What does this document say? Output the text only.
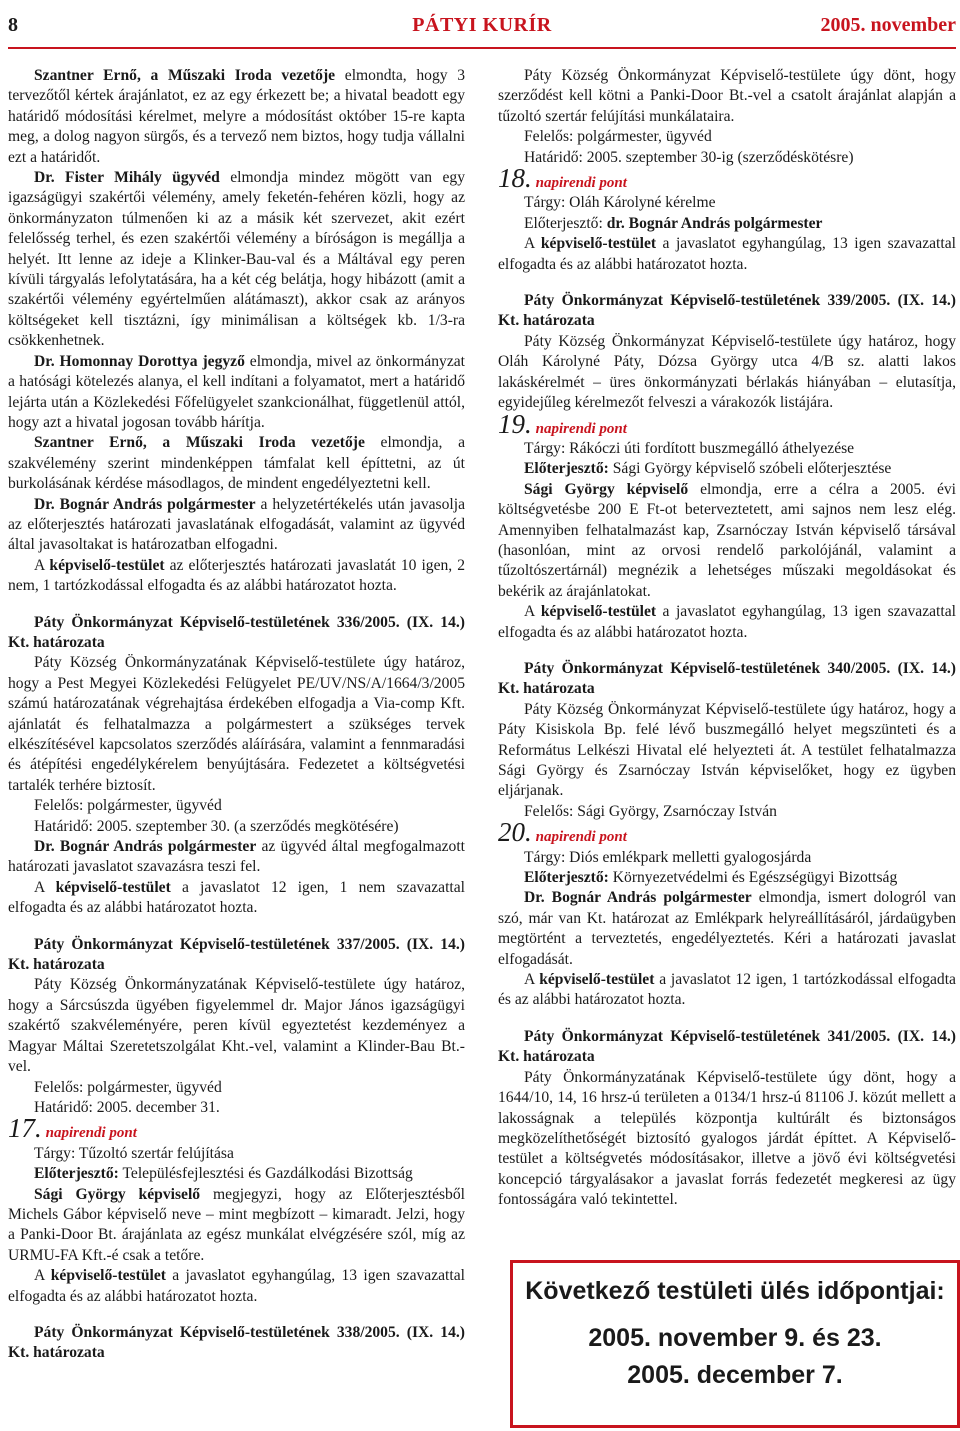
8	PÁTYI KURÍR	2005. november

Szantner Ernő, a Műszaki Iroda vezetője elmondta, hogy 3 tervezőtől kértek árajánlatot, ez az egy érkezett be; a hivatal beadott egy határidő módosítási kérelmet, melyre a módosítást október 15-re kapta meg, a dolog nagyon sürgős, és a tervező nem biztos, hogy tudja vállalni ezt a határidőt.

Dr. Fister Mihály ügyvéd elmondja mindez mögött van egy igazságügyi szakértői vélemény, amely feketén-fehéren közli, hogy az önkormányzaton túlmenően ki az a másik két szervezet, akit ezért felelősség terhel, és ezen szakértői vélemény a bíróságon is megállja a helyét. Itt lenne az ideje a Klinker-Bau-val és a Máltával egy peren kívüli tárgyalás lefolytatására, ha a két cég belátja, hogy hibázott (amit a szakértői vélemény egyértelműen alátámaszt), akkor csak az arányos költségeket kell tisztázni, így minimálisan a költségek kb. 1/3-ra csökkenhetnek.

Dr. Homonnay Dorottya jegyző elmondja, mivel az önkormányzat a hatósági kötelezés alanya, el kell indítani a folyamatot, mert a határidő lejárta után a Közlekedési Főfelügyelet szankcionálhat, függetlenül attól, hogy azt a hivatal jogosan tovább hárítja.

Szantner Ernő, a Műszaki Iroda vezetője elmondja, a szakvélemény szerint mindenképpen támfalat kell építtetni, az út burkolásának kérdése másodlagos, de mindent engedélyeztetni kell.

Dr. Bognár András polgármester a helyzetértékelés után javasolja az előterjesztés határozati javaslatának elfogadását, valamint az ügyvéd által javasoltakat is határozatban elfogadni.

A képviselő-testület az előterjesztés határozati javaslatát 10 igen, 2 nem, 1 tartózkodással elfogadta és az alábbi határozatot hozta.

Páty Önkormányzat Képviselő-testületének 336/2005. (IX. 14.) Kt. határozata

Páty Község Önkormányzatának Képviselő-testülete úgy határoz, hogy a Pest Megyei Közlekedési Felügyelet PE/UV/NS/A/1664/3/2005 számú határozatának végrehajtása érdekében elfogadja a Via-comp Kft. ajánlatát és felhatalmazza a polgármestert a szükséges tervek elkészítésével kapcsolatos szerződés aláírására, valamint a fennmaradási és átépítési engedélykérelem benyújtására. Fedezetet a költségvetési tartalék terhére biztosít.

Felelős: polgármester, ügyvéd

Határidő: 2005. szeptember 30. (a szerződés megkötésére)

Dr. Bognár András polgármester az ügyvéd által megfogalmazott határozati javaslatot szavazásra teszi fel.

A képviselő-testület a javaslatot 12 igen, 1 nem szavazattal elfogadta és az alábbi határozatot hozta.

Páty Önkormányzat Képviselő-testületének 337/2005. (IX. 14.) Kt. határozata

Páty Község Önkormányzatának Képviselő-testülete úgy határoz, hogy a Sárcsúszda ügyében figyelemmel dr. Major János igazságügyi szakértő szakvéleményére, peren kívül egyeztetést kezdeményez a Magyar Máltai Szeretetszolgálat Kht.-vel, valamint a Klinder-Bau Bt.-vel.

Felelős: polgármester, ügyvéd

Határidő: 2005. december 31.

17. napirendi pont

Tárgy: Tűzoltó szertár felújítása

Előterjesztő: Településfejlesztési és Gazdálkodási Bizottság

Sági György képviselő megjegyzi, hogy az Előterjesztésből Michels Gábor képviselő neve – mint megbízott – kimaradt. Jelzi, hogy a Panki-Door Bt. árajánlata az egész munkálat elvégzésére szól, míg az URMU-FA Kft.-é csak a tetőre.

A képviselő-testület a javaslatot egyhangúlag, 13 igen szavazattal elfogadta és az alábbi határozatot hozta.

Páty Önkormányzat Képviselő-testületének 338/2005. (IX. 14.) Kt. határozata

Páty Község Önkormányzat Képviselő-testülete úgy dönt, hogy szerződést kell kötni a Panki-Door Bt.-vel a csatolt árajánlat alapján a tűzoltó szertár felújítási munkálataira.

Felelős: polgármester, ügyvéd

Határidő: 2005. szeptember 30-ig (szerződéskötésre)

18. napirendi pont

Tárgy: Oláh Károlyné kérelme

Előterjesztő: dr. Bognár András polgármester

A képviselő-testület a javaslatot egyhangúlag, 13 igen szavazattal elfogadta és az alábbi határozatot hozta.

Páty Önkormányzat Képviselő-testületének 339/2005. (IX. 14.) Kt. határozata

Páty Község Önkormányzat Képviselő-testülete úgy határoz, hogy Oláh Károlyné Páty, Dózsa György utca 4/B sz. alatti lakos lakáskérelmét – üres önkormányzati bérlakás hiányában – elutasítja, egyidejűleg kérelmezőt felveszi a várakozók listájára.

19. napirendi pont

Tárgy: Rákóczi úti fordított buszmegálló áthelyezése

Előterjesztő: Sági György képviselő szóbeli előterjesztése

Sági György képviselő elmondja, erre a célra a 2005. évi költségvetésbe 200 E Ft-ot beterveztetett, ami sajnos nem lesz elég. Amennyiben felhatalmazást kap, Zsarnóczay István képviselő társával (hasonlóan, mint az orvosi rendelő parkolójánál, valamint a tűzoltószertárnál) megnézik a lehetséges műszaki megoldásokat és bekérik az árajánlatokat.

A képviselő-testület a javaslatot egyhangúlag, 13 igen szavazattal elfogadta és az alábbi határozatot hozta.

Páty Önkormányzat Képviselő-testületének 340/2005. (IX. 14.) Kt. határozata

Páty Község Önkormányzat Képviselő-testülete úgy határoz, hogy a Páty Kisiskola Bp. felé lévő buszmegálló helyet megszünteti és a Református Lelkészi Hivatal elé helyezteti át. A testület felhatalmazza Sági György és Zsarnóczay István képviselőket, hogy ez ügyben eljárjanak.

Felelős: Sági György, Zsarnóczay István

20. napirendi pont

Tárgy: Diós emlékpark melletti gyalogosjárda

Előterjesztő: Környezetvédelmi és Egészségügyi Bizottság

Dr. Bognár András polgármester elmondja, ismert dologról van szó, már van Kt. határozat az Emlékpark helyreállításáról, járdaügyben megtörtént a terveztetés, engedélyeztetés. Kéri a határozati javaslat elfogadását.

A képviselő-testület a javaslatot 12 igen, 1 tartózkodással elfogadta és az alábbi határozatot hozta.

Páty Önkormányzat Képviselő-testületének 341/2005. (IX. 14.) Kt. határozata

Páty Önkormányzatának Képviselő-testülete úgy dönt, hogy a 1644/10, 14, 16 hrsz-ú területen a 0134/1 hrsz-ú 81106 J. közút mellett a lakosságnak a település központja kultúrált és biztonságos megközelíthetőségét biztosító gyalogos járdát építtet. A Képviselő-testület a költségvetés módosításakor, illetve a jövő évi költségvetési koncepció tárgyalásakor a javaslat forrás fedezetét megkeresi az ügy fontosságára való tekintettel.

Következő testületi ülés időpontjai:
2005. november 9. és 23.
2005. december 7.
